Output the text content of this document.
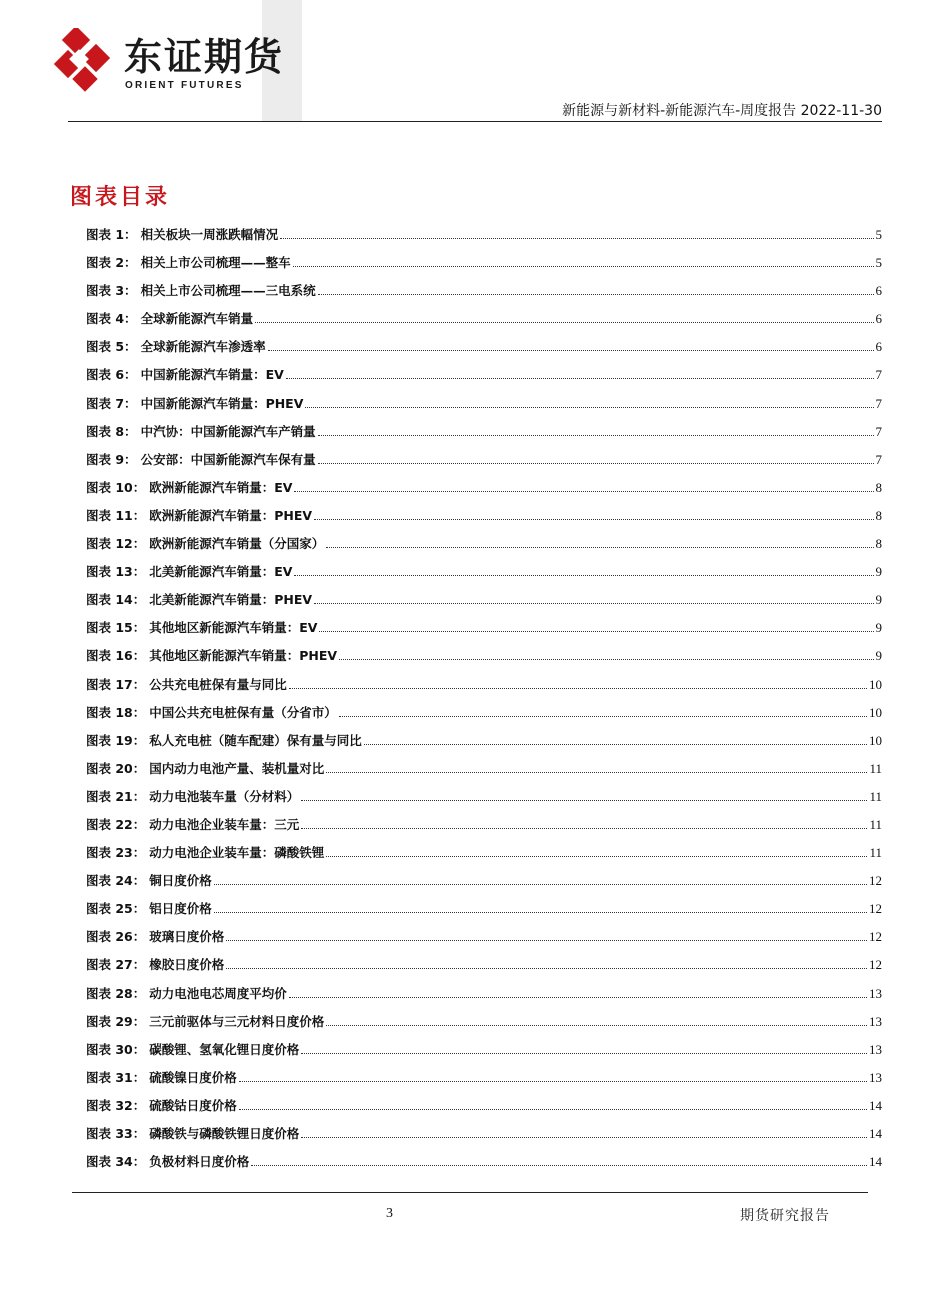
东证期货
ORIENT FUTURES
新能源与新材料-新能源汽车-周度报告 2022-11-30
图表目录
图表 1： 相关板块一周涨跌幅情况	5
图表 2： 相关上市公司梳理——整车	5
图表 3： 相关上市公司梳理——三电系统	6
图表 4： 全球新能源汽车销量	6
图表 5： 全球新能源汽车渗透率	6
图表 6： 中国新能源汽车销量：EV	7
图表 7： 中国新能源汽车销量：PHEV	7
图表 8： 中汽协：中国新能源汽车产销量	7
图表 9： 公安部：中国新能源汽车保有量	7
图表 10： 欧洲新能源汽车销量：EV	8
图表 11： 欧洲新能源汽车销量：PHEV	8
图表 12： 欧洲新能源汽车销量（分国家）	8
图表 13： 北美新能源汽车销量：EV	9
图表 14： 北美新能源汽车销量：PHEV	9
图表 15： 其他地区新能源汽车销量：EV	9
图表 16： 其他地区新能源汽车销量：PHEV	9
图表 17： 公共充电桩保有量与同比	10
图表 18： 中国公共充电桩保有量（分省市）	10
图表 19： 私人充电桩（随车配建）保有量与同比	10
图表 20： 国内动力电池产量、装机量对比	11
图表 21： 动力电池装车量（分材料）	11
图表 22： 动力电池企业装车量：三元	11
图表 23： 动力电池企业装车量：磷酸铁锂	11
图表 24： 铜日度价格	12
图表 25： 铝日度价格	12
图表 26： 玻璃日度价格	12
图表 27： 橡胶日度价格	12
图表 28： 动力电池电芯周度平均价	13
图表 29： 三元前驱体与三元材料日度价格	13
图表 30： 碳酸锂、氢氧化锂日度价格	13
图表 31： 硫酸镍日度价格	13
图表 32： 硫酸钴日度价格	14
图表 33： 磷酸铁与磷酸铁锂日度价格	14
图表 34： 负极材料日度价格	14
3	期货研究报告
